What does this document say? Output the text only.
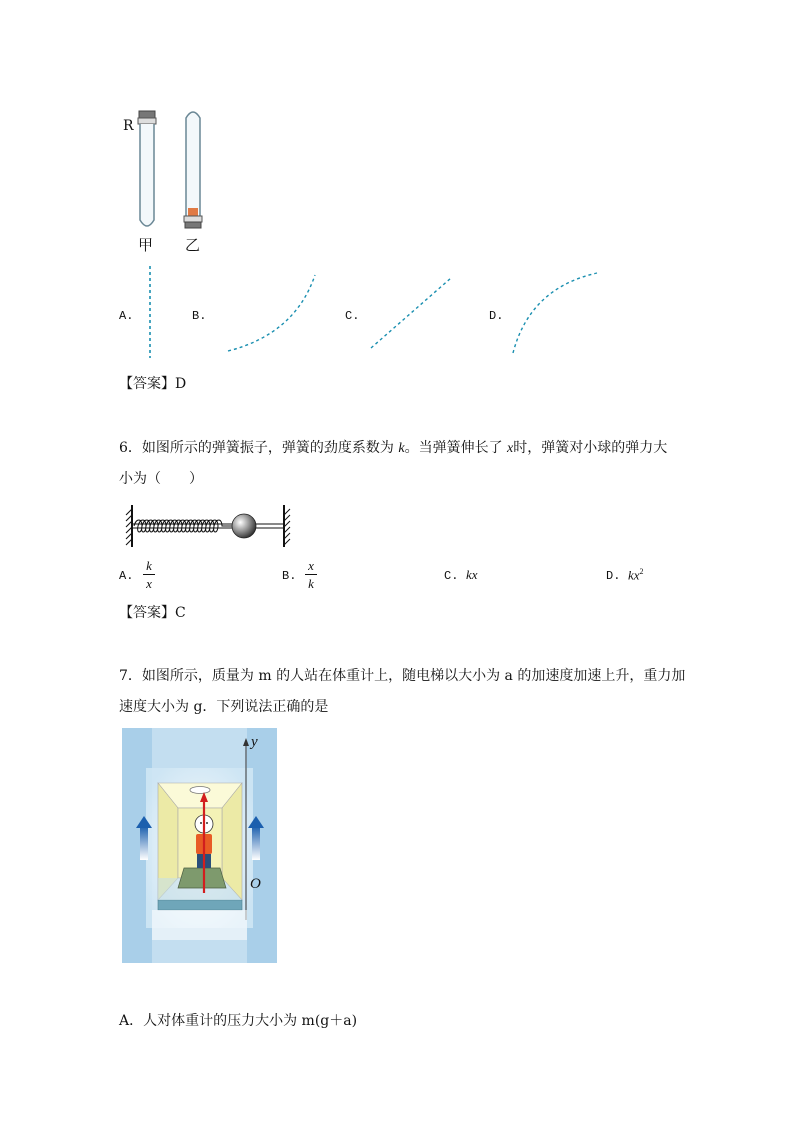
R
甲 乙
A.	B.	C.	D.
【答案】D
6．如图所示的弹簧振子，弹簧的劲度系数为 k。当弹簧伸长了 x时，弹簧对小球的弹力大
小为（　　）
A.
k
x	B.
x
k	C. kx	D. $kx^2$
【答案】C
7．如图所示，质量为 m 的人站在体重计上，随电梯以大小为 a 的加速度加速上升，重力加
速度大小为 g．下列说法正确的是
y
O
A．人对体重计的压力大小为 m(g＋a)
